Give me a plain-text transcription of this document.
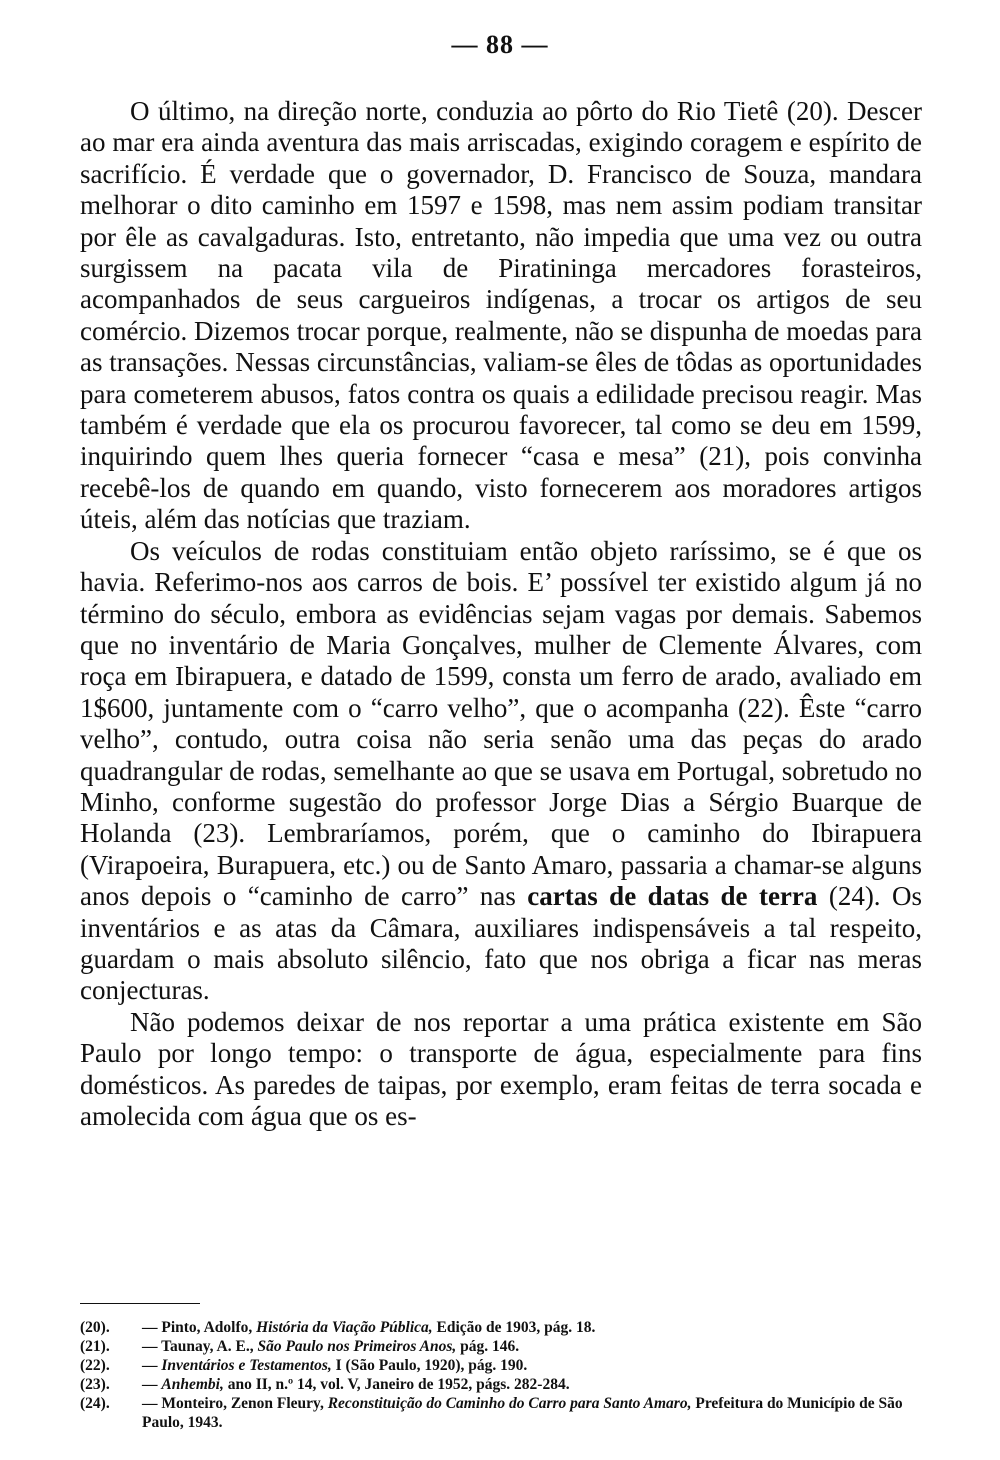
— 88 —

O último, na direção norte, conduzia ao pôrto do Rio Tietê (20). Descer ao mar era ainda aventura das mais arriscadas, exigindo coragem e espírito de sacrifício. É verdade que o governador, D. Francisco de Souza, mandara melhorar o dito caminho em 1597 e 1598, mas nem assim podiam transitar por êle as cavalgaduras. Isto, entretanto, não impedia que uma vez ou outra surgissem na pacata vila de Piratininga mercadores forasteiros, acompanhados de seus cargueiros indígenas, a trocar os artigos de seu comércio. Dizemos trocar porque, realmente, não se dispunha de moedas para as transações. Nessas circunstâncias, valiam-se êles de tôdas as oportunidades para cometerem abusos, fatos contra os quais a edilidade precisou reagir. Mas também é verdade que ela os procurou favorecer, tal como se deu em 1599, inquirindo quem lhes queria fornecer “casa e mesa” (21), pois convinha recebê-los de quando em quando, visto fornecerem aos moradores artigos úteis, além das notícias que traziam.

Os veículos de rodas constituiam então objeto raríssimo, se é que os havia. Referimo-nos aos carros de bois. E’ possível ter existido algum já no término do século, embora as evidências sejam vagas por demais. Sabemos que no inventário de Maria Gonçalves, mulher de Clemente Álvares, com roça em Ibirapuera, e datado de 1599, consta um ferro de arado, avaliado em 1$600, juntamente com o “carro velho”, que o acompanha (22). Êste “carro velho”, contudo, outra coisa não seria senão uma das peças do arado quadrangular de rodas, semelhante ao que se usava em Portugal, sobretudo no Minho, conforme sugestão do professor Jorge Dias a Sérgio Buarque de Holanda (23). Lembraríamos, porém, que o caminho do Ibirapuera (Virapoeira, Burapuera, etc.) ou de Santo Amaro, passaria a chamar-se alguns anos depois o “caminho de carro” nas cartas de datas de terra (24). Os inventários e as atas da Câmara, auxiliares indispensáveis a tal respeito, guardam o mais absoluto silêncio, fato que nos obriga a ficar nas meras conjecturas.

Não podemos deixar de nos reportar a uma prática existente em São Paulo por longo tempo: o transporte de água, especialmente para fins domésticos. As paredes de taipas, por exemplo, eram feitas de terra socada e amolecida com água que os es-

(20).	— Pinto, Adolfo, História da Viação Pública, Edição de 1903, pág. 18.
(21).	— Taunay, A. E., São Paulo nos Primeiros Anos, pág. 146.
(22).	— Inventários e Testamentos, I (São Paulo, 1920), pág. 190.
(23).	— Anhembi, ano II, n.º 14, vol. V, Janeiro de 1952, págs. 282-284.
(24).	— Monteiro, Zenon Fleury, Reconstituição do Caminho do Carro para Santo Amaro, Prefeitura do Município de São Paulo, 1943.
